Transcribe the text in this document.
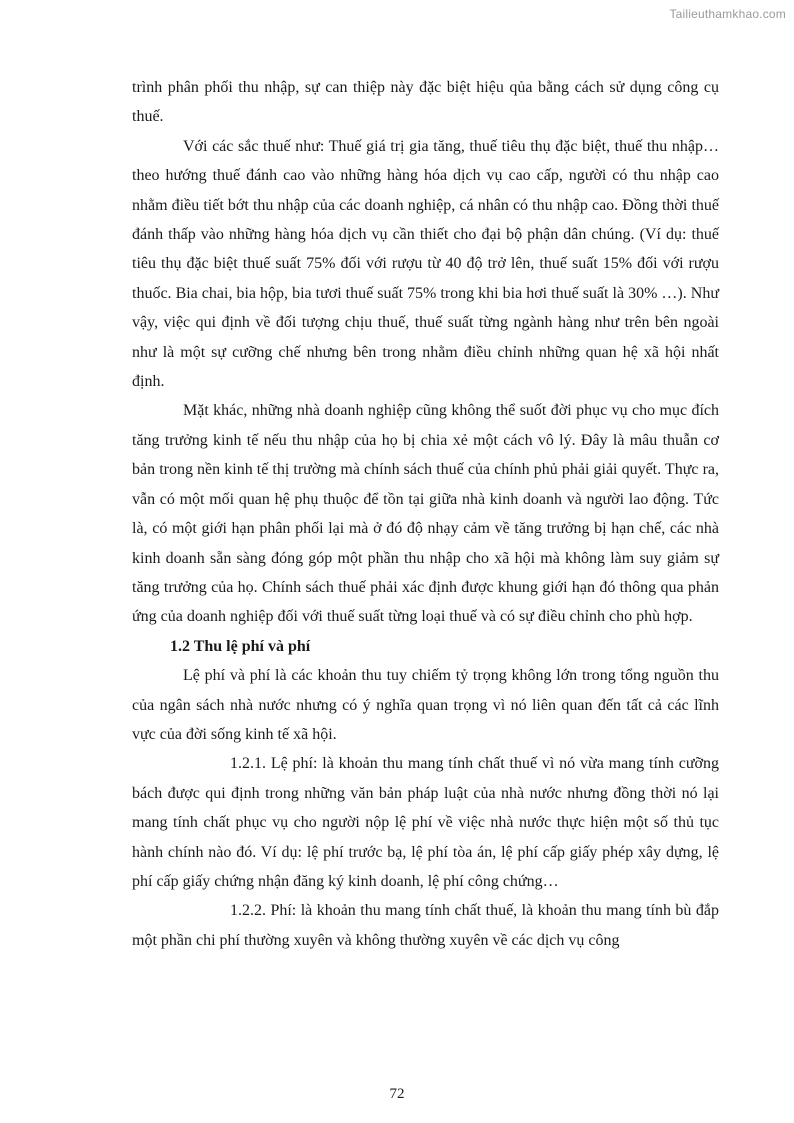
Tailieuthamkhao.com

trình phân phối thu nhập, sự can thiệp này đặc biệt hiệu qủa bằng cách sử dụng công cụ thuế.

Với các sắc thuế như: Thuế giá trị gia tăng, thuế tiêu thụ đặc biệt, thuế thu nhập… theo hướng thuế đánh cao vào những hàng hóa dịch vụ cao cấp, người có thu nhập cao nhằm điều tiết bớt thu nhập của các doanh nghiệp, cá nhân có thu nhập cao. Đồng thời thuế đánh thấp vào những hàng hóa dịch vụ cần thiết cho đại bộ phận dân chúng. (Ví dụ: thuế tiêu thụ đặc biệt thuế suất 75% đối với rượu từ 40 độ trở lên, thuế suất 15% đối với rượu thuốc. Bia chai, bia hộp, bia tươi thuế suất 75% trong khi bia hơi thuế suất là 30% …). Như vậy, việc qui định về đối tượng chịu thuế, thuế suất từng ngành hàng như trên bên ngoài như là một sự cưỡng chế nhưng bên trong nhằm điều chỉnh những quan hệ xã hội nhất định.

Mặt khác, những nhà doanh nghiệp cũng không thể suốt đời phục vụ cho mục đích tăng trưởng kinh tế nếu thu nhập của họ bị chia xẻ một cách vô lý. Đây là mâu thuẫn cơ bản trong nền kinh tế thị trường mà chính sách thuế của chính phủ phải giải quyết. Thực ra, vẫn có một mối quan hệ phụ thuộc để tồn tại giữa nhà kinh doanh và người lao động. Tức là, có một giới hạn phân phối lại mà ở đó độ nhạy cảm về tăng trưởng bị hạn chế, các nhà kinh doanh sẵn sàng đóng góp một phần thu nhập cho xã hội mà không làm suy giảm sự tăng trưởng của họ. Chính sách thuế phải xác định được khung giới hạn đó thông qua phản ứng của doanh nghiệp đối với thuế suất từng loại thuế và có sự điều chỉnh cho phù hợp.

1.2 Thu lệ phí và phí

Lệ phí và phí là các khoản thu tuy chiếm tỷ trọng không lớn trong tổng nguồn thu của ngân sách nhà nước nhưng có ý nghĩa quan trọng vì nó liên quan đến tất cả các lĩnh vực của đời sống kinh tế xã hội.

1.2.1. Lệ phí: là khoản thu mang tính chất thuế vì nó vừa mang tính cưỡng bách được qui định trong những văn bản pháp luật của nhà nước nhưng đồng thời nó lại mang tính chất phục vụ cho người nộp lệ phí về việc nhà nước thực hiện một số thủ tục hành chính nào đó. Ví dụ: lệ phí trước bạ, lệ phí tòa án, lệ phí cấp giấy phép xây dựng, lệ phí cấp giấy chứng nhận đăng ký kinh doanh, lệ phí công chứng…

1.2.2. Phí: là khoản thu mang tính chất thuế, là khoản thu mang tính bù đắp một phần chi phí thường xuyên và không thường xuyên về các dịch vụ công

72
